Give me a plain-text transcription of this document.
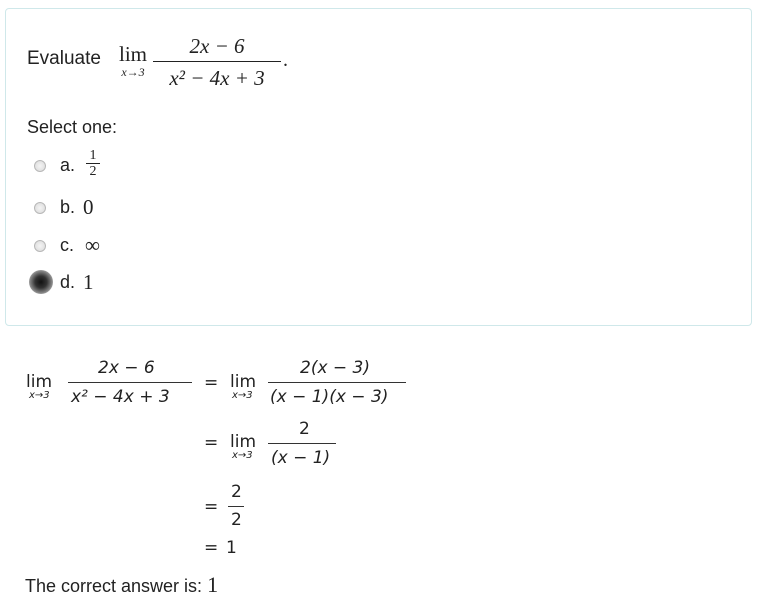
Evaluate lim
x→3
2x − 6
x² − 4x + 3
.
Select one:
a. 1
2
b. 0
c. ∞
d. 1
lim
x→3
2x − 6
x² − 4x + 3
= lim
x→3
2(x − 3)
(x − 1)(x − 3)
= lim
x→3
2
(x − 1)
=
2
2
= 1
The correct answer is: 1
